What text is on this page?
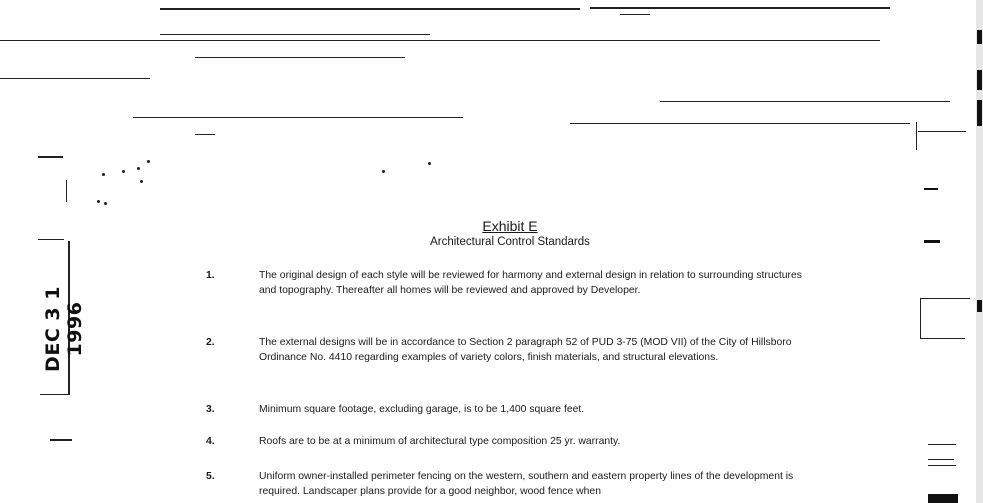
DEC 3 1 1996
Exhibit E
Architectural Control Standards
1.	The original design of each style will be reviewed for harmony and external design in relation to surrounding structures and topography. Thereafter all homes will be reviewed and approved by Developer.
2.	The external designs will be in accordance to Section 2 paragraph 52 of PUD 3-75 (MOD VII) of the City of Hillsboro Ordinance No. 4410 regarding examples of variety colors, finish materials, and structural elevations.
3.	Minimum square footage, excluding garage, is to be 1,400 square feet.
4.	Roofs are to be at a minimum of architectural type composition 25 yr. warranty.
5.	Uniform owner-installed perimeter fencing on the western, southern and eastern property lines of the development is required. Landscaper plans provide for a good neighbor, wood fence when
